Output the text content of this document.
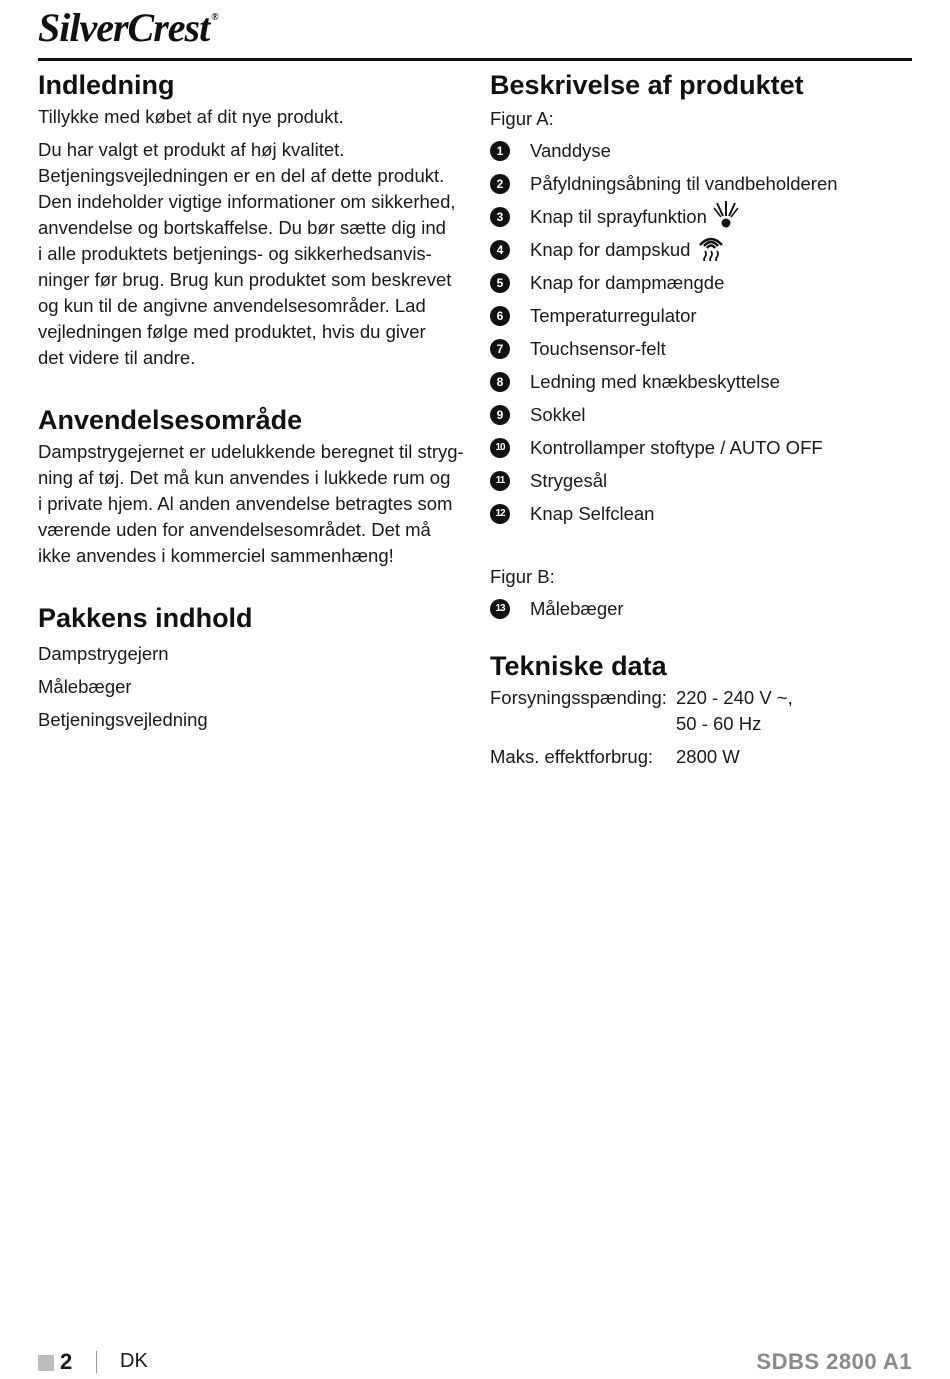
SilverCrest ®
Indledning

Tillykke med købet af dit nye produkt.

Du har valgt et produkt af høj kvalitet.

Betjeningsvejledningen er en del af dette produkt.

Den indeholder vigtige informationer om sikkerhed,

anvendelse og bortskaffelse. Du bør sætte dig ind

i alle produktets betjenings- og sikkerhedsanvis-

ninger før brug. Brug kun produktet som beskrevet

og kun til de angivne anvendelsesområder. Lad

vejledningen følge med produktet, hvis du giver

det videre til andre.

Anvendelsesområde

Dampstrygejernet er udelukkende beregnet til stryg-

ning af tøj. Det må kun anvendes i lukkede rum og

i private hjem. Al anden anvendelse betragtes som

værende uden for anvendelsesområdet. Det må

ikke anvendes i kommerciel sammenhæng!

Pakkens indhold

Dampstrygejern

Målebæger

Betjeningsvejledning

Beskrivelse af produktet

Figur A:

1	Vanddyse
2	Påfyldningsåbning til vandbeholderen
3	Knap til sprayfunktion
4	Knap for dampskud
5	Knap for dampmængde
6	Temperaturregulator
7	Touchsensor-felt
8	Ledning med knækbeskyttelse
9	Sokkel
10 Kontrollamper stoftype / AUTO OFF
11	Strygesål
12 Knap Selfclean

Figur B:

13 Målebæger
Tekniske data
Forsyningsspænding: 220 - 240 V ~,
50 - 60 Hz
Maks. effektforbrug:	2800 W
2 DK	SDBS 2800 A1
